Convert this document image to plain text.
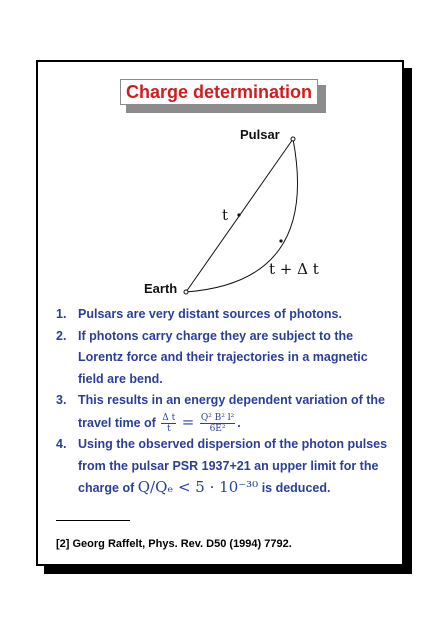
Charge determination
Pulsar
Earth
t
t + Δ t
1. Pulsars are very distant sources of photons.
2. If photons carry charge they are subject to the Lorentz force and their trajectories in a magnetic field are bend.
3. This results in an energy dependent variation of the travel time of $\frac{\text{Δ t}}{t} = \frac{\text{Q² B² l²}}{\text{6E²}}$ .
4. Using the observed dispersion of the photon pulses from the pulsar PSR 1937+21 an upper limit for the charge of Q/Qₑ < 5 · 10⁻³⁰ is deduced.
[2] Georg Raffelt, Phys. Rev. D50 (1994) 7792.
